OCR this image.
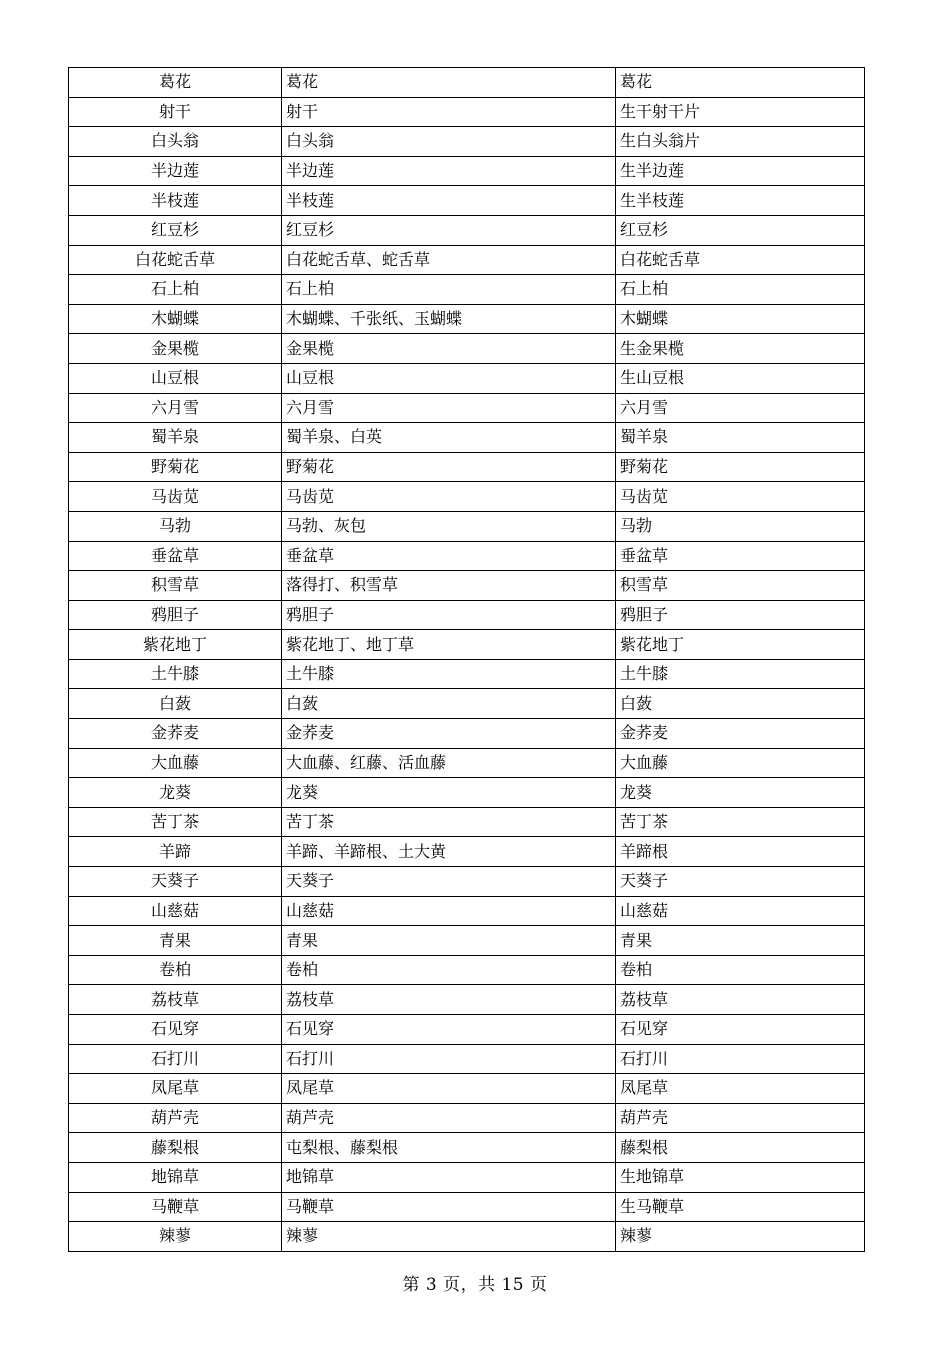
葛花	葛花	葛花
射干	射干	生干射干片
白头翁	白头翁	生白头翁片
半边莲	半边莲	生半边莲
半枝莲	半枝莲	生半枝莲
红豆杉	红豆杉	红豆杉
白花蛇舌草	白花蛇舌草、蛇舌草	白花蛇舌草
石上柏	石上柏	石上柏
木蝴蝶	木蝴蝶、千张纸、玉蝴蝶	木蝴蝶
金果榄	金果榄	生金果榄
山豆根	山豆根	生山豆根
六月雪	六月雪	六月雪
蜀羊泉	蜀羊泉、白英	蜀羊泉
野菊花	野菊花	野菊花
马齿苋	马齿苋	马齿苋
马勃	马勃、灰包	马勃
垂盆草	垂盆草	垂盆草
积雪草	落得打、积雪草	积雪草
鸦胆子	鸦胆子	鸦胆子
紫花地丁	紫花地丁、地丁草	紫花地丁
土牛膝	土牛膝	土牛膝
白蔹	白蔹	白蔹
金荞麦	金荞麦	金荞麦
大血藤	大血藤、红藤、活血藤	大血藤
龙葵	龙葵	龙葵
苦丁茶	苦丁茶	苦丁茶
羊蹄	羊蹄、羊蹄根、土大黄	羊蹄根
天葵子	天葵子	天葵子
山慈菇	山慈菇	山慈菇
青果	青果	青果
卷柏	卷柏	卷柏
荔枝草	荔枝草	荔枝草
石见穿	石见穿	石见穿
石打川	石打川	石打川
凤尾草	凤尾草	凤尾草
葫芦壳	葫芦壳	葫芦壳
藤梨根	屯梨根、藤梨根	藤梨根
地锦草	地锦草	生地锦草
马鞭草	马鞭草	生马鞭草
辣蓼	辣蓼	辣蓼
第 3 页，共 15 页
